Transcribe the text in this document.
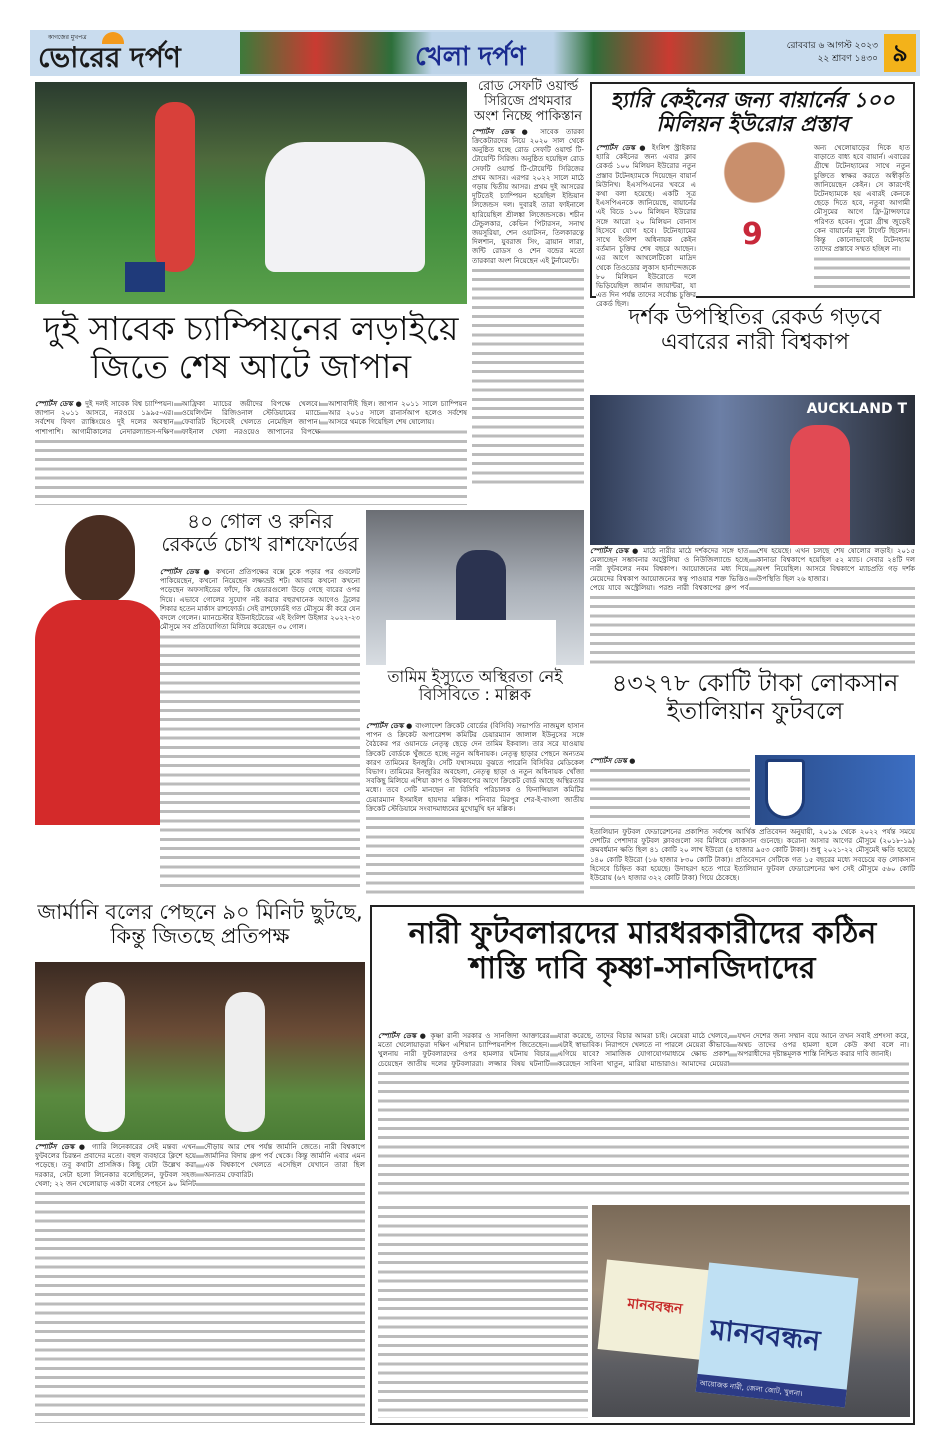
কাগজের মুখপত্র
ভোরের দর্পণ	খেলা দর্পণ	রোববার ৬ আগস্ট ২০২৩
২২ শ্রাবণ ১৪৩০ ৯
রোড সেফটি ওয়ার্ল্ড সিরিজে প্রথমবার অংশ নিচ্ছে পাকিস্তান

স্পোর্টস ডেস্ক ● সাবেক তারকা ক্রিকেটারদের নিয়ে ২০২০ সাল থেকে অনুষ্ঠিত হচ্ছে রোড সেফটি ওয়ার্ল্ড টি-টোয়েন্টি সিরিজ। অনুষ্ঠিত হয়েছিল রোড সেফটি ওয়ার্ল্ড টি-টোয়েন্টি সিরিজের প্রথম আসর। এরপর ২০২২ সালে মাঠে গড়ায় দ্বিতীয় আসর। প্রথম দুই আসরের দুটিতেই চ্যাম্পিয়ন হয়েছিল ইন্ডিয়ান লিজেন্ডস দল। দুবারই তারা ফাইনালে হারিয়েছিল শ্রীলঙ্কা লিজেন্ডসকে। শচীন টেন্ডুলকার, কেভিন পিটারসন, সনাথ জয়সুরিয়া, শেন ওয়াটসন, তিলকারত্নে দিলশান, যুবরাজ সিং, ব্রায়ান লারা, জন্টি রোডস ও শেন বন্ডের মতো তারকারা অংশ নিয়েছেন এই টুর্নামেন্টে।

হ্যারি কেইনের জন্য বায়ার্নের ১০০ মিলিয়ন ইউরোর প্রস্তাব
9

স্পোর্টস ডেস্ক ● ইংলিশ স্ট্রাইকার হ্যারি কেইনের জন্য এবার ক্লাব রেকর্ড ১০০ মিলিয়ন ইউরোর নতুন প্রস্তাব টটেনহ্যামকে দিয়েছেন বায়ার্ন মিউনিখ। ইএসপিএনের খবরে এ কথা বলা হয়েছে। একটি সূত্র ইএসপিএনকে জানিয়েছে, বায়ার্নের এই বিডে ১০০ মিলিয়ন ইউরোর সঙ্গে আরো ২০ মিলিয়ন বোনাস হিসেবে যোগ হবে। টটেনহ্যামের সাথে ইংলিশ অধিনায়ক কেইন বর্তমান চুক্তির শেষ বছরে আছেন। এর আগে আথলেটিকো মাদ্রিদ থেকে তিওডোর লুকাস হার্নান্দেজকে ৮০ মিলিয়ন ইউরোতে দলে ভিড়িয়েছিল জার্মান জায়ান্টরা, যা এত দিন পর্যন্ত তাদের সর্বোচ্চ চুক্তির রেকর্ড ছিল।

অন্য খেলোয়াড়ের দিকে হাত বাড়াতে বাধ্য হবে বায়ার্ন। এবারের গ্রীষ্মে টটেনহ্যামের সাথে নতুন চুক্তিতে স্বাক্ষর করতে অস্বীকৃতি জানিয়েছেন কেইন। সে কারণেই টটেনহ্যামকে হয় এবারই কেনকে ছেড়ে দিতে হবে, নতুবা আগামী মৌসুমের আগে ফ্রি-ট্রান্সফারে পরিণত হবেন। পুরো গ্রীষ্ম জুড়েই কেন বায়ার্নের মূল টার্গেট ছিলেন। কিন্তু কোনোভাবেই টটেনহ্যাম তাদের প্রস্তাবে সম্মত হচ্ছিল না।

দুই সাবেক চ্যাম্পিয়নের লড়াইয়ে জিতে শেষ আটে জাপান

স্পোর্টস ডেস্ক ● দুই দলই সাবেক বিশ্ব চ্যাম্পিয়ন। জাপান ২০১১ আসরে, নরওয়ে ১৯৯৫-এর। সর্বশেষ ফিফা র‌্যাঙ্কিংয়েও দুই দলের অবস্থান পাশাপাশি। আগামীকালের নেদারল্যান্ডস-দক্ষিণ আফ্রিকা ম্যাচের জয়ীদের বিপক্ষে খেলবে। ওয়েলিংটন রিজিওনাল স্টেডিয়ামের ম্যাচে ফেবারিট হিসেবেই খেলতে নেমেছিল জাপান। ফাইনাল খেলা নরওয়েও জাপানের বিপক্ষে আশাবাদীই ছিল। জাপান ২০১১ সালে চ্যাম্পিয়ন আর ২০১৫ সালে রানার্সআপ হলেও সর্বশেষ আসরে থমকে গিয়েছিল শেষ ষোলোয়।

দর্শক উপস্থিতির রেকর্ড গড়বে এবারের নারী বিশ্বকাপ
AUCKLAND T

স্পোর্টস ডেস্ক ● মাঠে নারীর মাঠে দর্শকদের সঙ্গে হাত মেলাচ্ছেন সম্ভাবনার অস্ট্রেলিয়া ও নিউজিল্যান্ডে হচ্ছে নারী ফুটবলের নবম বিশ্বকাপ। আয়োজনের মধ্য দিয়ে মেয়েদের বিশ্বকাপ আয়োজনের স্বত্ব পাওয়ার শক্ত ভিত্তিও পেয়ে যাবে অস্ট্রেলিয়া। পরশু নারী বিশ্বকাপের গ্রুপ পর্ব শেষ হয়েছে। এখন চলছে শেষ ষোলোর লড়াই। ২০১৫ কানাডা বিশ্বকাপে হয়েছিল ৫২ ম্যাচ। সেবার ২৪টি দল অংশ নিয়েছিল। আসরে বিশ্বকাপে ম্যাচপ্রতি গড় দর্শক উপস্থিতি ছিল ২৬ হাজার।

৪০ গোল ও রুনির রেকর্ডে চোখ রাশফোর্ডের

স্পোর্টস ডেস্ক ● কখনো প্রতিপক্ষের বক্সে ঢুকে পড়ার পর গুবলেট পাকিয়েছেন, কখনো নিয়েছেন লক্ষ্যভ্রষ্ট শট। আবার কখনো কখনো পড়েছেন অফসাইডের ফাঁদে, কি হেডারগুলো উড়ে গেছে বারের ওপর দিয়ে। এভাবে গোলের সুযোগ নষ্ট করার বহুরখানেক আগেও ট্রলের শিকার হতেন মার্কাস রাশফোর্ড। সেই রাশফোর্ডই গত মৌসুমে কী করে যেন বদলে গেলেন। ম্যানচেস্টার ইউনাইটেডের এই ইংলিশ উইঙ্গার ২০২২-২৩ মৌসুমে সব প্রতিযোগিতা মিলিয়ে করেছেন ৩০ গোল।

তামিম ইস্যুতে অস্থিরতা নেই বিসিবিতে : মল্লিক

স্পোর্টস ডেস্ক ● বাংলাদেশ ক্রিকেট বোর্ডের (বিসিবি) সভাপতি নাজমুল হাসান পাপন ও ক্রিকেট অপারেশন্স কমিটির চেয়ারম্যান জালাল ইউনুসের সঙ্গে বৈঠকের পর ওয়ানডে নেতৃত্ব ছেড়ে দেন তামিম ইকবাল। তার সরে যাওয়ায় ক্রিকেট বোর্ডকে খুঁজতে হচ্ছে নতুন অধিনায়ক। নেতৃত্ব ছাড়ার পেছনে অন্যতম কারণ তামিমের ইনজুরি। সেটি যথাসময়ে বুঝতে পারেনি বিসিবির মেডিকেল বিভাগ। তামিমের ইনজুরির অবহেলা, নেতৃত্ব ছাড়া ও নতুন অধিনায়ক খোঁজা সবকিছু মিলিয়ে এশিয়া কাপ ও বিশ্বকাপের আগে ক্রিকেট বোর্ড আছে অস্থিরতার মধ্যে। তবে সেটি মানছেন না বিসিবি পরিচালক ও ফিনান্সিয়াল কমিটির চেয়ারম্যান ইসমাইল হায়দার মল্লিক। শনিবার মিরপুর শের-ই-বাংলা জাতীয় ক্রিকেট স্টেডিয়ামে সংবাদমাধ্যমের মুখোমুখি হন মল্লিক।

৪৩২৭৮ কোটি টাকা লোকসান ইতালিয়ান ফুটবলে

স্পোর্টস ডেস্ক ●

ইতালিয়ান ফুটবল ফেডারেশনের প্রকাশিত সর্বশেষ আর্থিক প্রতিবেদন অনুযায়ী, ২০১৯ থেকে ২০২২ পর্যন্ত সময়ে দেশটির পেশাদার ফুটবল ক্লাবগুলো সব মিলিয়ে লোকসান গুনেছে। করোনা আসার আগের মৌসুমে (২০১৮-১৯) ক্রমবর্ধমান ক্ষতি ছিল ৪১ কোটি ২০ লাখ ইউরো (৪ হাজার ৯৫৩ কোটি টাকা)। শুধু ২০২১-২২ মৌসুমেই ক্ষতি হয়েছে ১৪০ কোটি ইউরো (১৬ হাজার ৮৩০ কোটি টাকা)। প্রতিবেদনে সেটিকে গত ১৫ বছরের মধ্যে সবচেয়ে বড় লোকসান হিসেবে চিহ্নিত করা হয়েছে। উদাহরণ হতে পারে ইতালিয়ান ফুটবল ফেডারেশনের ঋণ সেই মৌসুমে ৫৬০ কোটি ইউরোয় (৬৭ হাজার ৩২২ কোটি টাকা) গিয়ে ঠেকেছে।

জার্মানি বলের পেছনে ৯০ মিনিট ছুটছে, কিন্তু জিতছে প্রতিপক্ষ

স্পোর্টস ডেস্ক ● গ্যারি লিনেকারের সেই মন্তব্য এখন ফুটবলের চিরন্তন প্রবাদের মতো। বহুল ব্যবহারে ক্লিশে হয়ে পড়েছে। তবু কথাটা প্রাসঙ্গিক। কিছু যেটা উল্লেখ করা দরকার, সেটা হলো লিনেকার বলেছিলেন, ফুটবল সহজ খেলা; ২২ জন খেলোয়াড় একটা বলের পেছনে ৯০ মিনিট দৌড়ায় আর শেষ পর্যন্ত জার্মানি জেতে। নারী বিশ্বকাপে জার্মানির বিদায় গ্রুপ পর্ব থেকে। কিন্তু জার্মানি এবার এমন এক বিশ্বকাপে খেলতে এসেছিল যেখানে তারা ছিল অন্যতম ফেবারিট।

নারী ফুটবলারদের মারধরকারীদের কঠিন শাস্তি দাবি কৃষ্ণা-সানজিদাদের

স্পোর্টস ডেস্ক ● কৃষ্ণা রানী সরকার ও সানজিদা আক্তারের মতো খেলোয়াড়রা দক্ষিণ এশিয়ান চ্যাম্পিয়নশিপ জিতেছেন। খুলনায় নারী ফুটবলারদের ওপর হামলার ঘটনায় বিচার চেয়েছেন জাতীয় দলের ফুটবলাররা। লজ্জার বিষয় ঘটনাটি যারা করেছে, তাদের বিচার আমরা চাই। মেয়েরা মাঠে খেলবে, এটাই স্বাভাবিক। নিরাপদে খেলতে না পারলে মেয়েরা কীভাবে এগিয়ে যাবে? সামাজিক যোগাযোগমাধ্যমে ক্ষোভ প্রকাশ করেছেন সাবিনা খাতুন, মারিয়া মান্ডারাও। আমাদের মেয়েরা যখন দেশের জন্য সম্মান বয়ে আনে তখন সবাই প্রশংসা করে, অথচ তাদের ওপর হামলা হলে কেউ কথা বলে না। অপরাধীদের দৃষ্টান্তমূলক শাস্তি নিশ্চিত করার দাবি জানাই।

মানববন্ধন
মানববন্ধন
আয়োজক নারী, জেলা জোট, খুলনা।
